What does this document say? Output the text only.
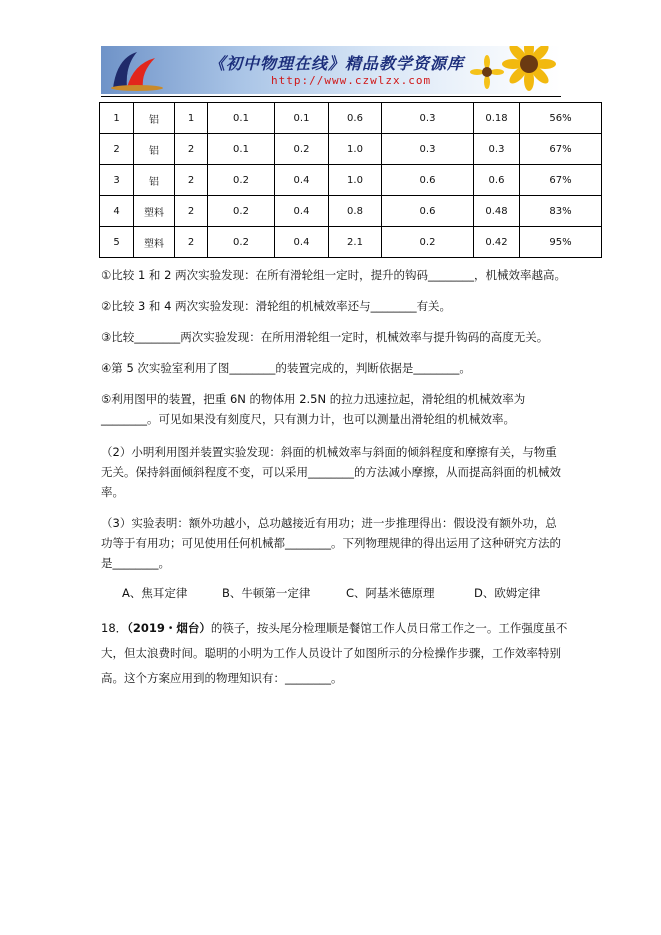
《初中物理在线》精品教学资源库
http://www.czwlzx.com
1	铝	1	0.1	0.1	0.6	0.3	0.18	56%
2	铝	2	0.1	0.2	1.0	0.3	0.3	67%
3	铝	2	0.2	0.4	1.0	0.6	0.6	67%
4	塑料	2	0.2	0.4	0.8	0.6	0.48	83%
5	塑料	2	0.2	0.4	2.1	0.2	0.42	95%
①比较 1 和 2 两次实验发现：在所有滑轮组一定时，提升的钩码________，机械效率越高。
②比较 3 和 4 两次实验发现：滑轮组的机械效率还与________有关。
③比较________两次实验发现：在所用滑轮组一定时，机械效率与提升钩码的高度无关。
④第 5 次实验室利用了图________的装置完成的，判断依据是________。
⑤利用图甲的装置，把重 6N 的物体用 2.5N 的拉力迅速拉起，滑轮组的机械效率为
________。可见如果没有刻度尺，只有测力计，也可以测量出滑轮组的机械效率。
（2）小明利用图并装置实验发现：斜面的机械效率与斜面的倾斜程度和摩擦有关，与物重
无关。保持斜面倾斜程度不变，可以采用________的方法减小摩擦，从而提高斜面的机械效
率。
（3）实验表明：额外功越小，总功越接近有用功；进一步推理得出：假设没有额外功，总
功等于有用功；可见使用任何机械都________。下列物理规律的得出运用了这种研究方法的
是________。
A、焦耳定律	B、牛顿第一定律	C、阿基米德原理	D、欧姆定律
18．（2019・烟台）的筷子，按头尾分检理顺是餐馆工作人员日常工作之一。工作强度虽不
大，但太浪费时间。聪明的小明为工作人员设计了如图所示的分检操作步骤，工作效率特别
高。这个方案应用到的物理知识有：________。
